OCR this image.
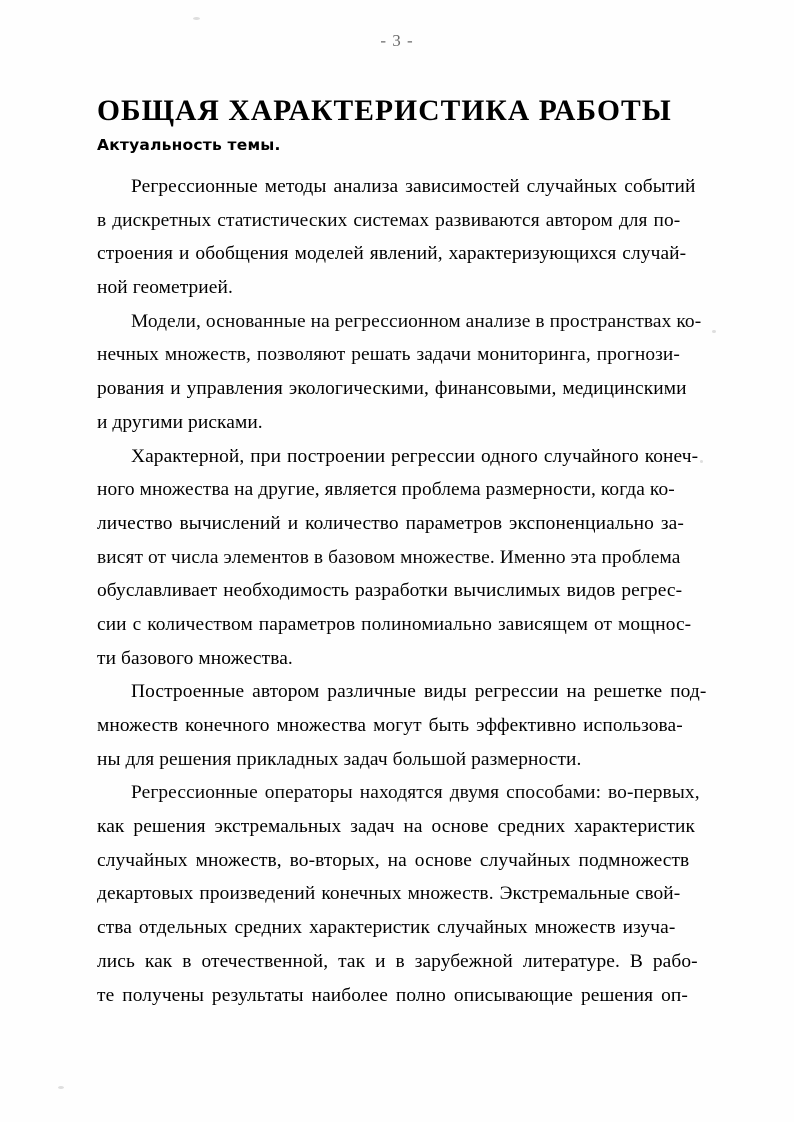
- 3 -
ОБЩАЯ ХАРАКТЕРИСТИКА РАБОТЫ
Актуальность темы.
Регрессионные методы анализа зависимостей случайных событий
в дискретных статистических системах развиваются автором для по-
строения и обобщения моделей явлений, характеризующихся случай-
ной геометрией.
Модели, основанные на регрессионном анализе в пространствах ко-
нечных множеств, позволяют решать задачи мониторинга, прогнози-
рования и управления экологическими, финансовыми, медицинскими
и другими рисками.
Характерной, при построении регрессии одного случайного конеч-
ного множества на другие, является проблема размерности, когда ко-
личество вычислений и количество параметров экспоненциально за-
висят от числа элементов в базовом множестве. Именно эта проблема
обуславливает необходимость разработки вычислимых видов регрес-
сии с количеством параметров полиномиально зависящем от мощнос-
ти базового множества.
Построенные автором различные виды регрессии на решетке под-
множеств конечного множества могут быть эффективно использова-
ны для решения прикладных задач большой размерности.
Регрессионные операторы находятся двумя способами: во-первых,
как решения экстремальных задач на основе средних характеристик
случайных множеств, во-вторых, на основе случайных подмножеств
декартовых произведений конечных множеств. Экстремальные свой-
ства отдельных средних характеристик случайных множеств изуча-
лись как в отечественной, так и в зарубежной литературе. В рабо-
те получены результаты наиболее полно описывающие решения оп-
